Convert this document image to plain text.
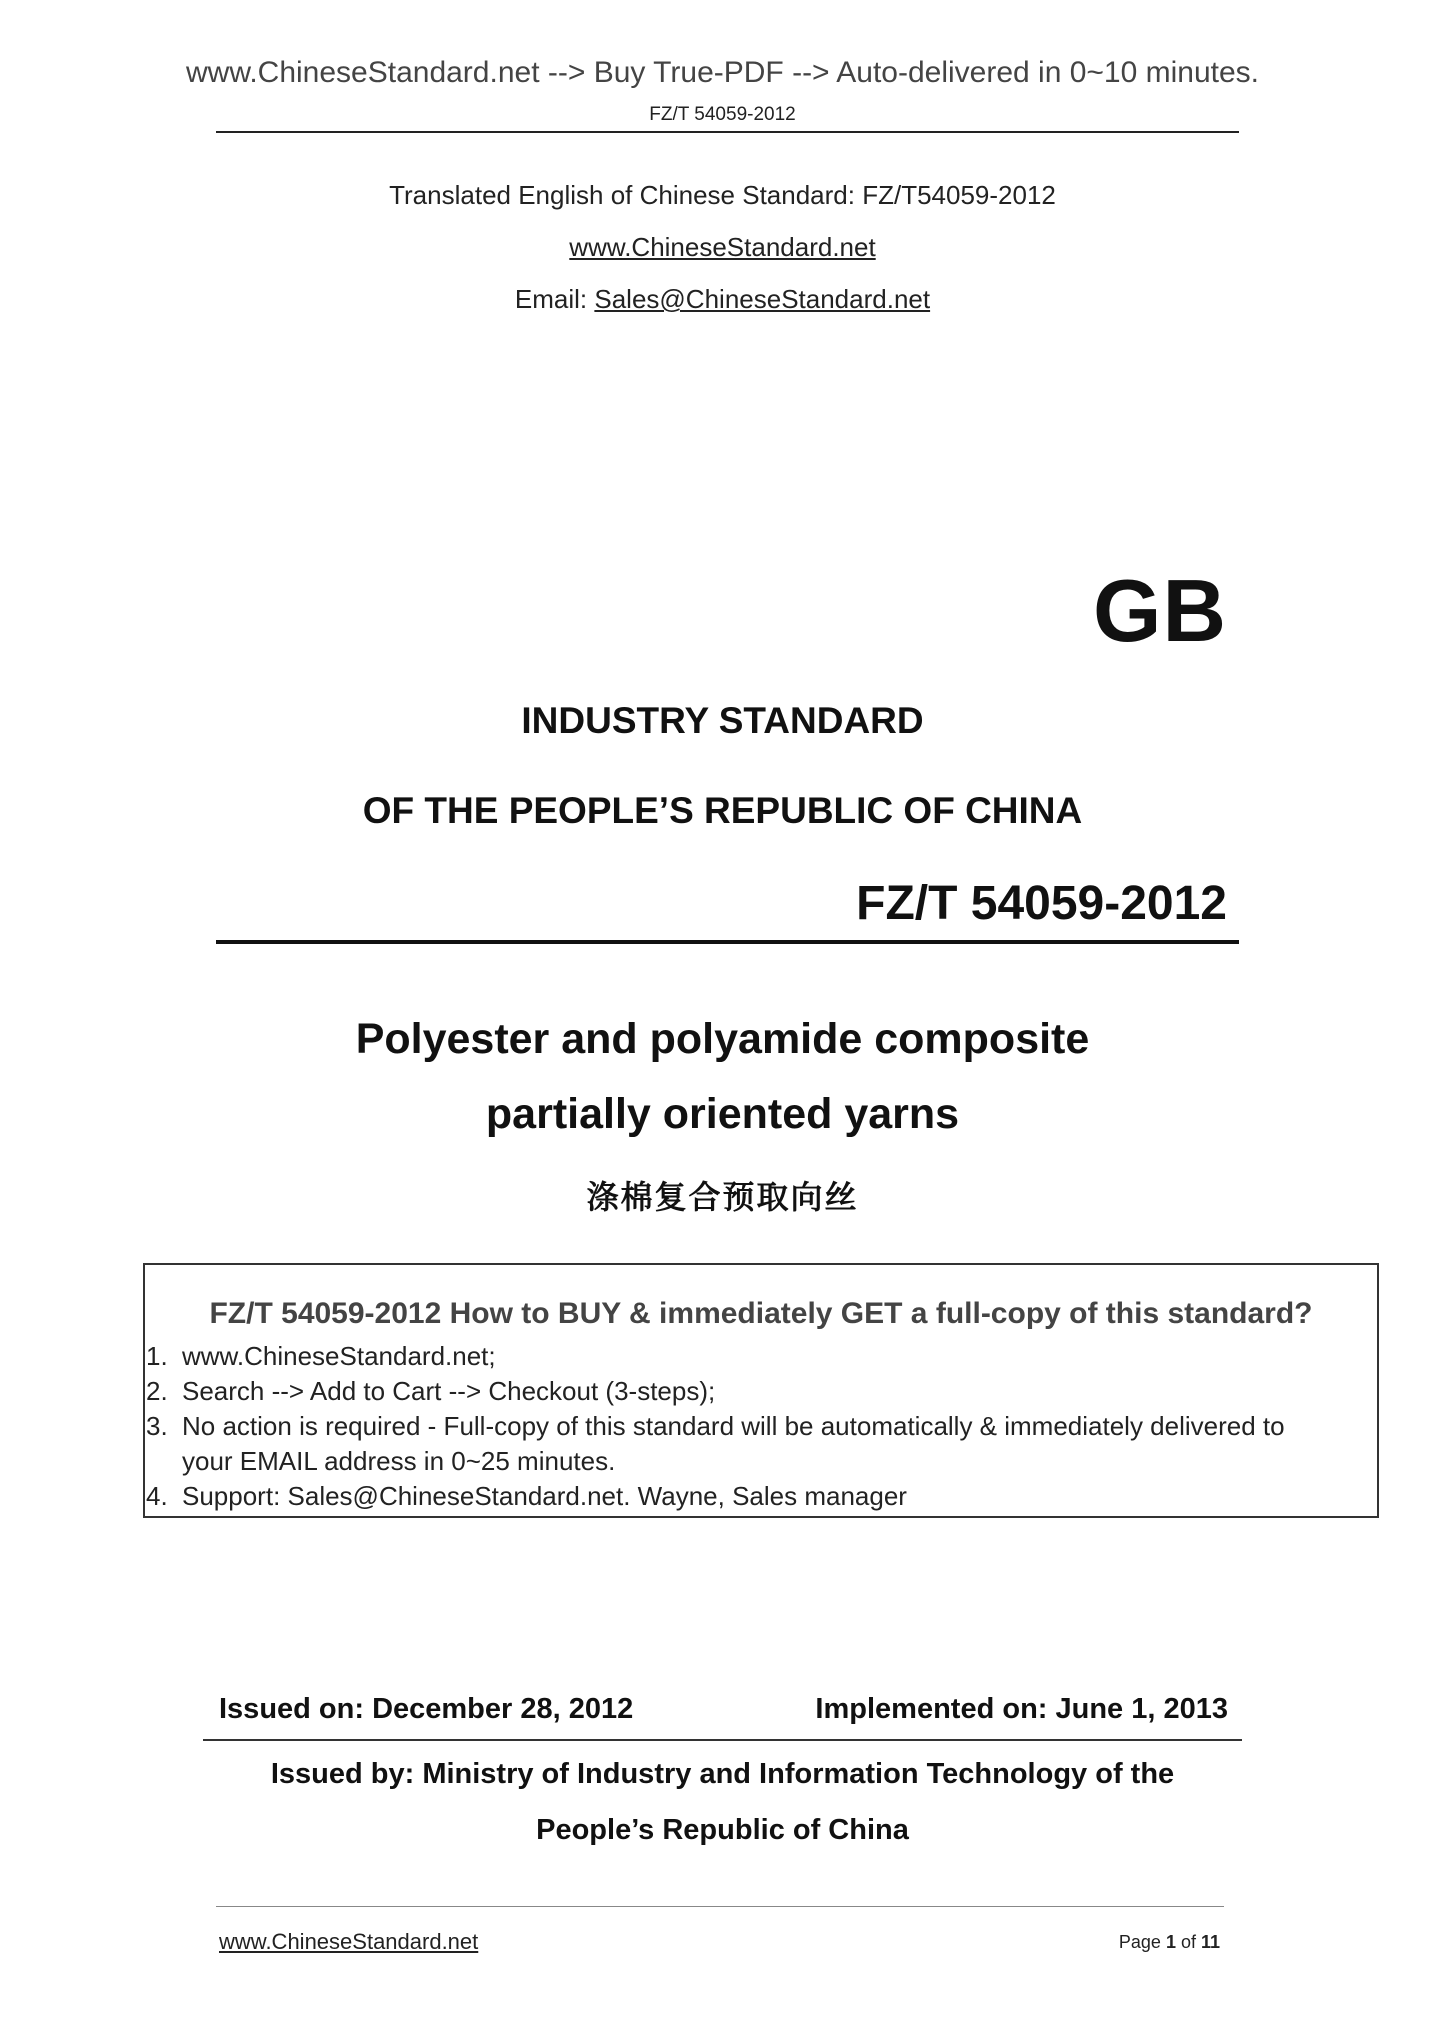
www.ChineseStandard.net --> Buy True-PDF --> Auto-delivered in 0~10 minutes.
FZ/T 54059-2012
Translated English of Chinese Standard: FZ/T54059-2012
www.ChineseStandard.net
Email: Sales@ChineseStandard.net
GB
INDUSTRY STANDARD
OF THE PEOPLE’S REPUBLIC OF CHINA
FZ/T 54059-2012
Polyester and polyamide composite
partially oriented yarns
涤棉复合预取向丝
FZ/T 54059-2012 How to BUY & immediately GET a full-copy of this standard?
1. www.ChineseStandard.net;
2. Search --> Add to Cart --> Checkout (3-steps);
3. No action is required - Full-copy of this standard will be automatically & immediately delivered to
your EMAIL address in 0~25 minutes.
4. Support: Sales@ChineseStandard.net. Wayne, Sales manager
Issued on: December 28, 2012	Implemented on: June 1, 2013
Issued by: Ministry of Industry and Information Technology of the
People’s Republic of China
www.ChineseStandard.net	Page 1 of 11
